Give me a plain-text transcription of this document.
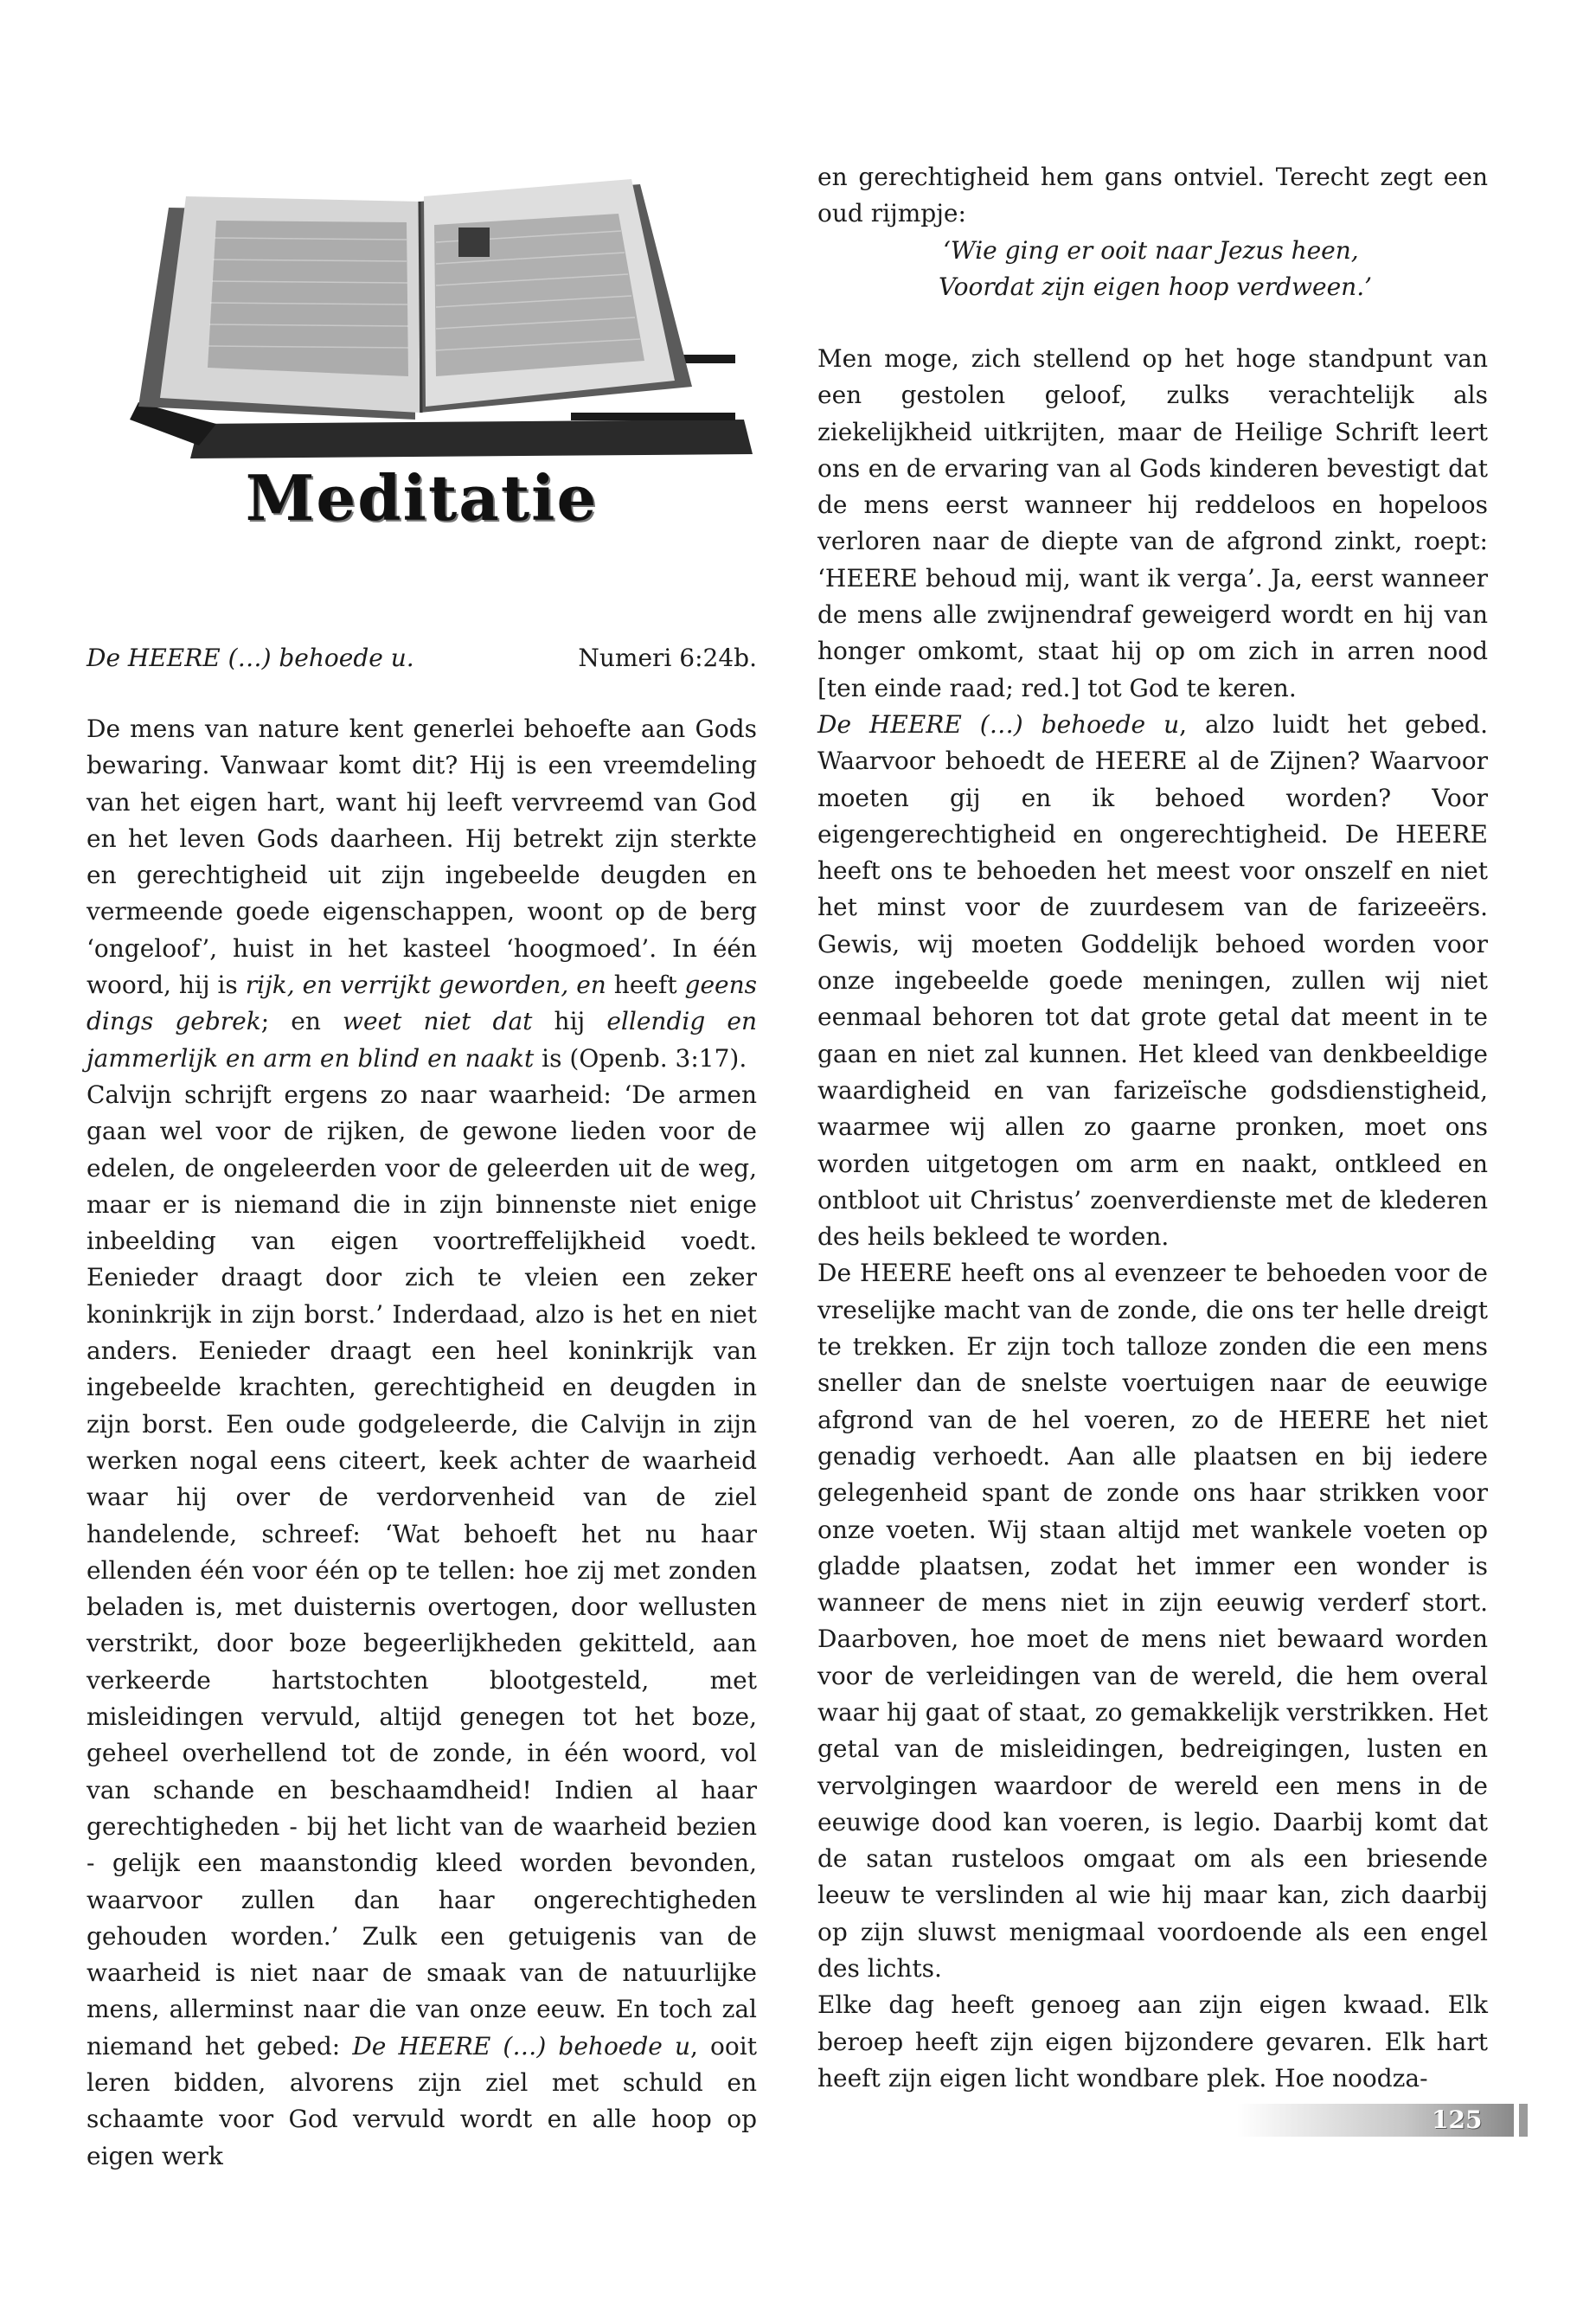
Meditatie
De HEERE (…) behoede u.	Numeri 6:24b.

De mens van nature kent generlei behoefte aan Gods bewaring. Vanwaar komt dit? Hij is een vreemdeling van het eigen hart, want hij leeft vervreemd van God en het leven Gods daarheen. Hij betrekt zijn sterkte en gerechtigheid uit zijn ingebeelde deugden en vermeende goede eigenschappen, woont op de berg ‘ongeloof’, huist in het kasteel ‘hoogmoed’. In één woord, hij is rijk, en verrijkt geworden, en heeft geens dings gebrek; en weet niet dat hij ellendig en jammerlijk en arm en blind en naakt is (Openb. 3:17).

Calvijn schrijft ergens zo naar waarheid: ‘De armen gaan wel voor de rijken, de gewone lieden voor de edelen, de ongeleerden voor de geleerden uit de weg, maar er is niemand die in zijn binnenste niet enige inbeelding van eigen voortreffelijkheid voedt. Eenieder draagt door zich te vleien een zeker koninkrijk in zijn borst.’ Inderdaad, alzo is het en niet anders. Eenieder draagt een heel koninkrijk van ingebeelde krachten, gerechtigheid en deugden in zijn borst. Een oude godgeleerde, die Calvijn in zijn werken nogal eens citeert, keek achter de waarheid waar hij over de verdorvenheid van de ziel handelende, schreef: ‘Wat behoeft het nu haar ellenden één voor één op te tellen: hoe zij met zonden beladen is, met duisternis overtogen, door wellusten verstrikt, door boze begeerlijkheden gekitteld, aan verkeerde hartstochten blootgesteld, met misleidingen vervuld, altijd genegen tot het boze, geheel overhellend tot de zonde, in één woord, vol van schande en beschaamdheid! Indien al haar gerechtigheden - bij het licht van de waarheid bezien - gelijk een maanstondig kleed worden bevonden, waarvoor zullen dan haar ongerechtigheden gehouden worden.’ Zulk een getuigenis van de waarheid is niet naar de smaak van de natuurlijke mens, allerminst naar die van onze eeuw. En toch zal niemand het gebed: De HEERE (…) behoede u, ooit leren bidden, alvorens zijn ziel met schuld en schaamte voor God vervuld wordt en alle hoop op eigen werk

en gerechtigheid hem gans ontviel. Terecht zegt een oud rijmpje:

‘Wie ging er ooit naar Jezus heen,

Voordat zijn eigen hoop verdween.’

Men moge, zich stellend op het hoge standpunt van een gestolen geloof, zulks verachtelijk als ziekelijkheid uitkrijten, maar de Heilige Schrift leert ons en de ervaring van al Gods kinderen bevestigt dat de mens eerst wanneer hij reddeloos en hopeloos verloren naar de diepte van de afgrond zinkt, roept: ‘HEERE behoud mij, want ik verga’. Ja, eerst wanneer de mens alle zwijnendraf geweigerd wordt en hij van honger omkomt, staat hij op om zich in arren nood [ten einde raad; red.] tot God te keren.

De HEERE (…) behoede u, alzo luidt het gebed. Waarvoor behoedt de HEERE al de Zijnen? Waarvoor moeten gij en ik behoed worden? Voor eigengerechtigheid en ongerechtigheid. De HEERE heeft ons te behoeden het meest voor onszelf en niet het minst voor de zuurdesem van de farizeeërs. Gewis, wij moeten Goddelijk behoed worden voor onze ingebeelde goede meningen, zullen wij niet eenmaal behoren tot dat grote getal dat meent in te gaan en niet zal kunnen. Het kleed van denkbeeldige waardigheid en van farizeïsche godsdienstigheid, waarmee wij allen zo gaarne pronken, moet ons worden uitgetogen om arm en naakt, ontkleed en ontbloot uit Christus’ zoenverdienste met de klederen des heils bekleed te worden.

De HEERE heeft ons al evenzeer te behoeden voor de vreselijke macht van de zonde, die ons ter helle dreigt te trekken. Er zijn toch talloze zonden die een mens sneller dan de snelste voertuigen naar de eeuwige afgrond van de hel voeren, zo de HEERE het niet genadig verhoedt. Aan alle plaatsen en bij iedere gelegenheid spant de zonde ons haar strikken voor onze voeten. Wij staan altijd met wankele voeten op gladde plaatsen, zodat het immer een wonder is wanneer de mens niet in zijn eeuwig verderf stort. Daarboven, hoe moet de mens niet bewaard worden voor de verleidingen van de wereld, die hem overal waar hij gaat of staat, zo gemakkelijk verstrikken. Het getal van de misleidingen, bedreigingen, lusten en vervolgingen waardoor de wereld een mens in de eeuwige dood kan voeren, is legio. Daarbij komt dat de satan rusteloos omgaat om als een briesende leeuw te verslinden al wie hij maar kan, zich daarbij op zijn sluwst menigmaal voordoende als een engel des lichts.

Elke dag heeft genoeg aan zijn eigen kwaad. Elk beroep heeft zijn eigen bijzondere gevaren. Elk hart heeft zijn eigen licht wondbare plek. Hoe noodza-

125
